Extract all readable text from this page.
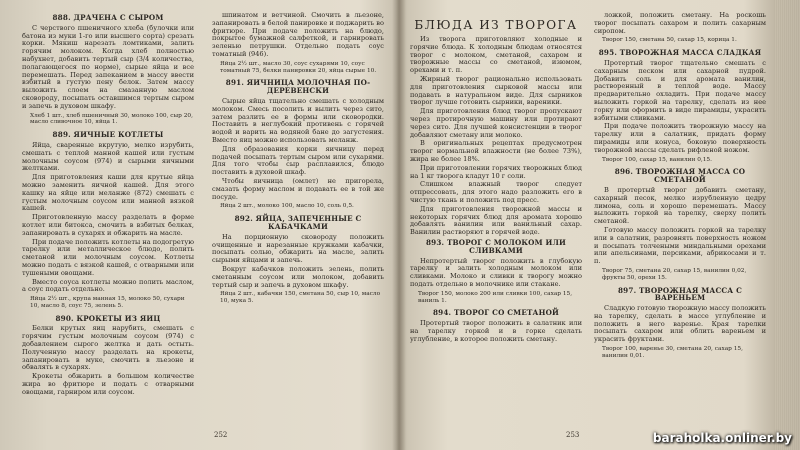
888. ДРАЧЕНА С СЫРОМ
С черствого пшеничного хлеба (булочки или батона из муки 1-го или высшего сорта) срезать корки. Мякиш нарезать ломтиками, залить горячим молоком. Когда хлеб полностью набухнет, добавить тертый сыр (3/4 количества, полагающегося по норме), сырые яйца и все перемешать. Перед запеканием в массу ввести взбитый в густую пену белок. Затем массу выложить слоем на смазанную маслом сковороду, посыпать оставшимся тертым сыром и запечь в духовом шкафу.
Хлеб 1 шт., хлеб пшеничный 30, молоко 100, сыр 20, масло сливочное 10, яйца 1.
889. ЯИЧНЫЕ КОТЛЕТЫ
Яйца, сваренные вкрутую, мелко изрубить, смешать с теплой манной кашей или густым молочным соусом (974) и сырыми яичными желтками.
Для приготовления каши для крутые яйца можно заменить яичной кашей. Для этого кашку на яйце или меланже (872) смешать с густым молочным соусом или манной вязкой кашей.
Приготовленную массу разделать в форме котлет или битокса, смочить в взбитых белках, запанировать в сухарях и обжарить на масле.
При подаче положить котлеты на подогретую тарелку или металлическое блюдо, полить сметаной или молочным соусом. Котлеты можно подать с вязкой кашей, с отварными или тушеными овощами.
Вместо соуса котлеты можно полить маслом, а соус подать отдельно.
Яйца 2½ шт., крупа манная 15, молоко 50, сухари 10, масло 8, соус 75, зелень 5.
890. КРОКЕТЫ ИЗ ЯИЦ
Белки крутых яиц нарубить, смешать с горячим густым молочным соусом (974) с добавлением сырого желтка и дать остыть. Полученную массу разделать на крокеты, запанировать в муке, смочить в льезоне и обвалять в сухарях.
Крокеты обжарить в большом количестве жира во фритюре и подать с отварными овощами, гарниром или соусом.
шпинатом и ветчиной. Смочить в льезоне, запанировать в белой панировке и поджарить во фритюре. При подаче положить на блюдо, покрытое бумажной салфеткой, и гарнировать зеленью петрушки. Отдельно подать соус томатный (946).
Яйца 2½ шт., масло 30, соус сухарями 10, соус томатный 75, белки панировки 20, яйца сырые 10.
891. ЯИЧНИЦА МОЛОЧНАЯ ПО-ДЕРЕВЕНСКИ
Сырые яйца тщательно смешать с холодным молоком. Смесь посолить и вылить через сито, затем разлить ее в формы или сковородки. Поставить в неглубокий противень с горячей водой и варить на водяной бане до загустения. Вместо яиц можно использовать меланж.
Для образования корки яичницу перед подачей посыпать тертым сыром или сухарями. Для того чтобы сыр расплавился, блюдо поставить в духовой шкаф.
Чтобы яичница (омлет) не пригорела, смазать форму маслом и подавать ее в той же посуде.
Яйца 2 шт., молоко 100, масло 10, соль 0,5.
892. ЯЙЦА, ЗАПЕЧЕННЫЕ С КАБАЧКАМИ
На порционную сковороду положить очищенные и нарезанные кружками кабачки, посыпать солью, обжарить на масле, залить сырыми яйцами и запечь.
Вокруг кабачков положить зелень, полить сметанным соусом или молоком, добавить тертый сыр и запечь в духовом шкафу.
Яйца 2 шт., кабачки 150, сметана 50, сыр 10, масло 10, мука 5.
252
БЛЮДА ИЗ ТВОРОГА
Из творога приготовляют холодные и горячие блюда. К холодным блюдам относятся творог с молоком, сметаной, сахаром и творожные массы со сметаной, изюмом, орехами и т. п.
Жирный творог рационально использовать для приготовления сырковой массы или подавать в натуральном виде. Для сырников творог лучше готовить сырники, вареники.
Для приготовления блюд творог пропускают через протирочную машину или протирают через сито. Для лучшей консистенции в творог добавляют сметану или молоко.
В оригинальных рецептах предусмотрен творог нормальной влажности (не более 73%), жира не более 18%.
При приготовлении горячих творожных блюд на 1 кг творога кладут 10 г соли.
Слишком влажный творог следует отпрессовать, для этого надо разложить его в чистую ткань и положить под пресс.
Для приготовления творожной массы и некоторых горячих блюд для аромата хорошо добавлять ванилин или ванильный сахар. Ванилин растворяют в горячей воде.
893. ТВОРОГ С МОЛОКОМ ИЛИ СЛИВКАМИ
Непротертый творог положить в глубокую тарелку и залить холодным молоком или сливками. Молоко и сливки к творогу можно подать отдельно в молочнике или стакане.
Творог 150, молоко 200 или сливки 100, сахар 15, ваниль 1.
894. ТВОРОГ СО СМЕТАНОЙ
Протертый творог положить в салатник или на тарелку горкой и в горке сделать углубление, в которое положить сметану.
ложкой, положить сметану. На роскошь творог посыпать сахаром и полить сахарным сиропом.
Творог 150, сметана 50, сахар 15, корица 1.
895. ТВОРОЖНАЯ МАССА СЛАДКАЯ
Протертый творог тщательно смешать с сахарным песком или сахарной пудрой. Добавить соль и для аромата ванилин, растворенный в теплой воде. Массу предварительно охладить. При подаче массу выложить горкой на тарелку, сделать из нее горку или оформить в виде пирамиды, украсить взбитыми сливками.
При подаче положить творожную массу на тарелку или в салатник, придать форму пирамиды или конуса, боковую поверхность творожной массы сделать рифленой ножом.
Творог 100, сахар 15, ванилин 0,15.
896. ТВОРОЖНАЯ МАССА СО СМЕТАНОЙ
В протертый творог добавить сметану, сахарный песок, мелко изрубленную цедру лимона, соль и хорошо перемешать. Массу выложить горкой на тарелку, сверху полить сметаной.
Готовую массу положить горкой на тарелку или в салатник, разровнять поверхность ножом и посыпать толчеными миндальными орехами или апельсинами, персиками, абрикосами и т. п.
Творог 75, сметана 20, сахар 15, ванилин 0,02, фрукты 50, орехи 15.
897. ТВОРОЖНАЯ МАССА С ВАРЕНЬЕМ
Сладкую готовую творожную массу положить на тарелку, сделать в массе углубление и положить в него варенье. Края тарелки посыпать сахаром или облить вареньем и украсить фруктами.
Творог 100, варенье 30, сметана 20, сахар 15, ванилин 0,01.
253	baraholka.onliner.by
